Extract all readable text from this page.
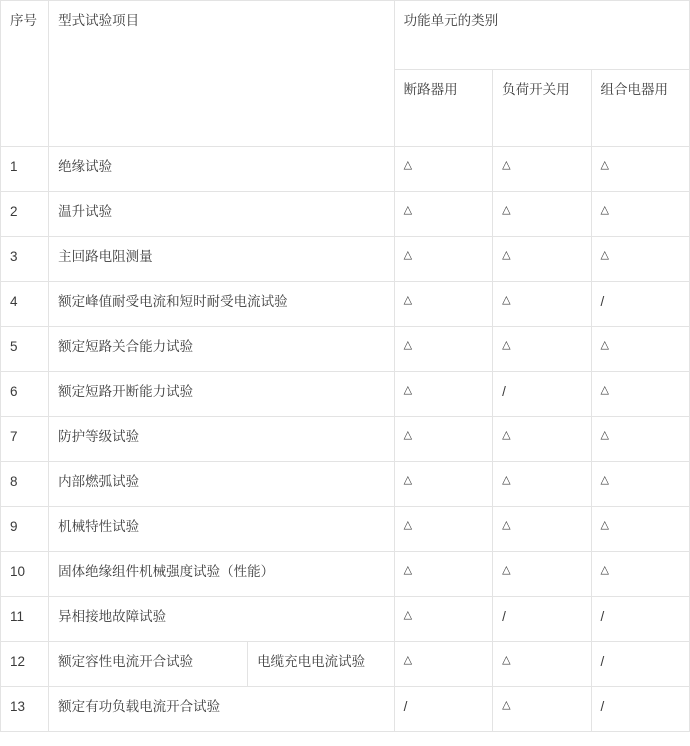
序号	型式试验项目		功能单元的类别		
			断路器用	负荷开关用	组合电器用
1	绝缘试验		△	△	△
2	温升试验		△	△	△
3	主回路电阻测量		△	△	△
4	额定峰值耐受电流和短时耐受电流试验		△	△	/
5	额定短路关合能力试验		△	△	△
6	额定短路开断能力试验		△	/	△
7	防护等级试验		△	△	△
8	内部燃弧试验		△	△	△
9	机械特性试验		△	△	△
10	固体绝缘组件机械强度试验（性能）		△	△	△
11	异相接地故障试验		△	/	/
12	额定容性电流开合试验	电缆充电电流试验	△	△	/
13	额定有功负载电流开合试验		/	△	/
